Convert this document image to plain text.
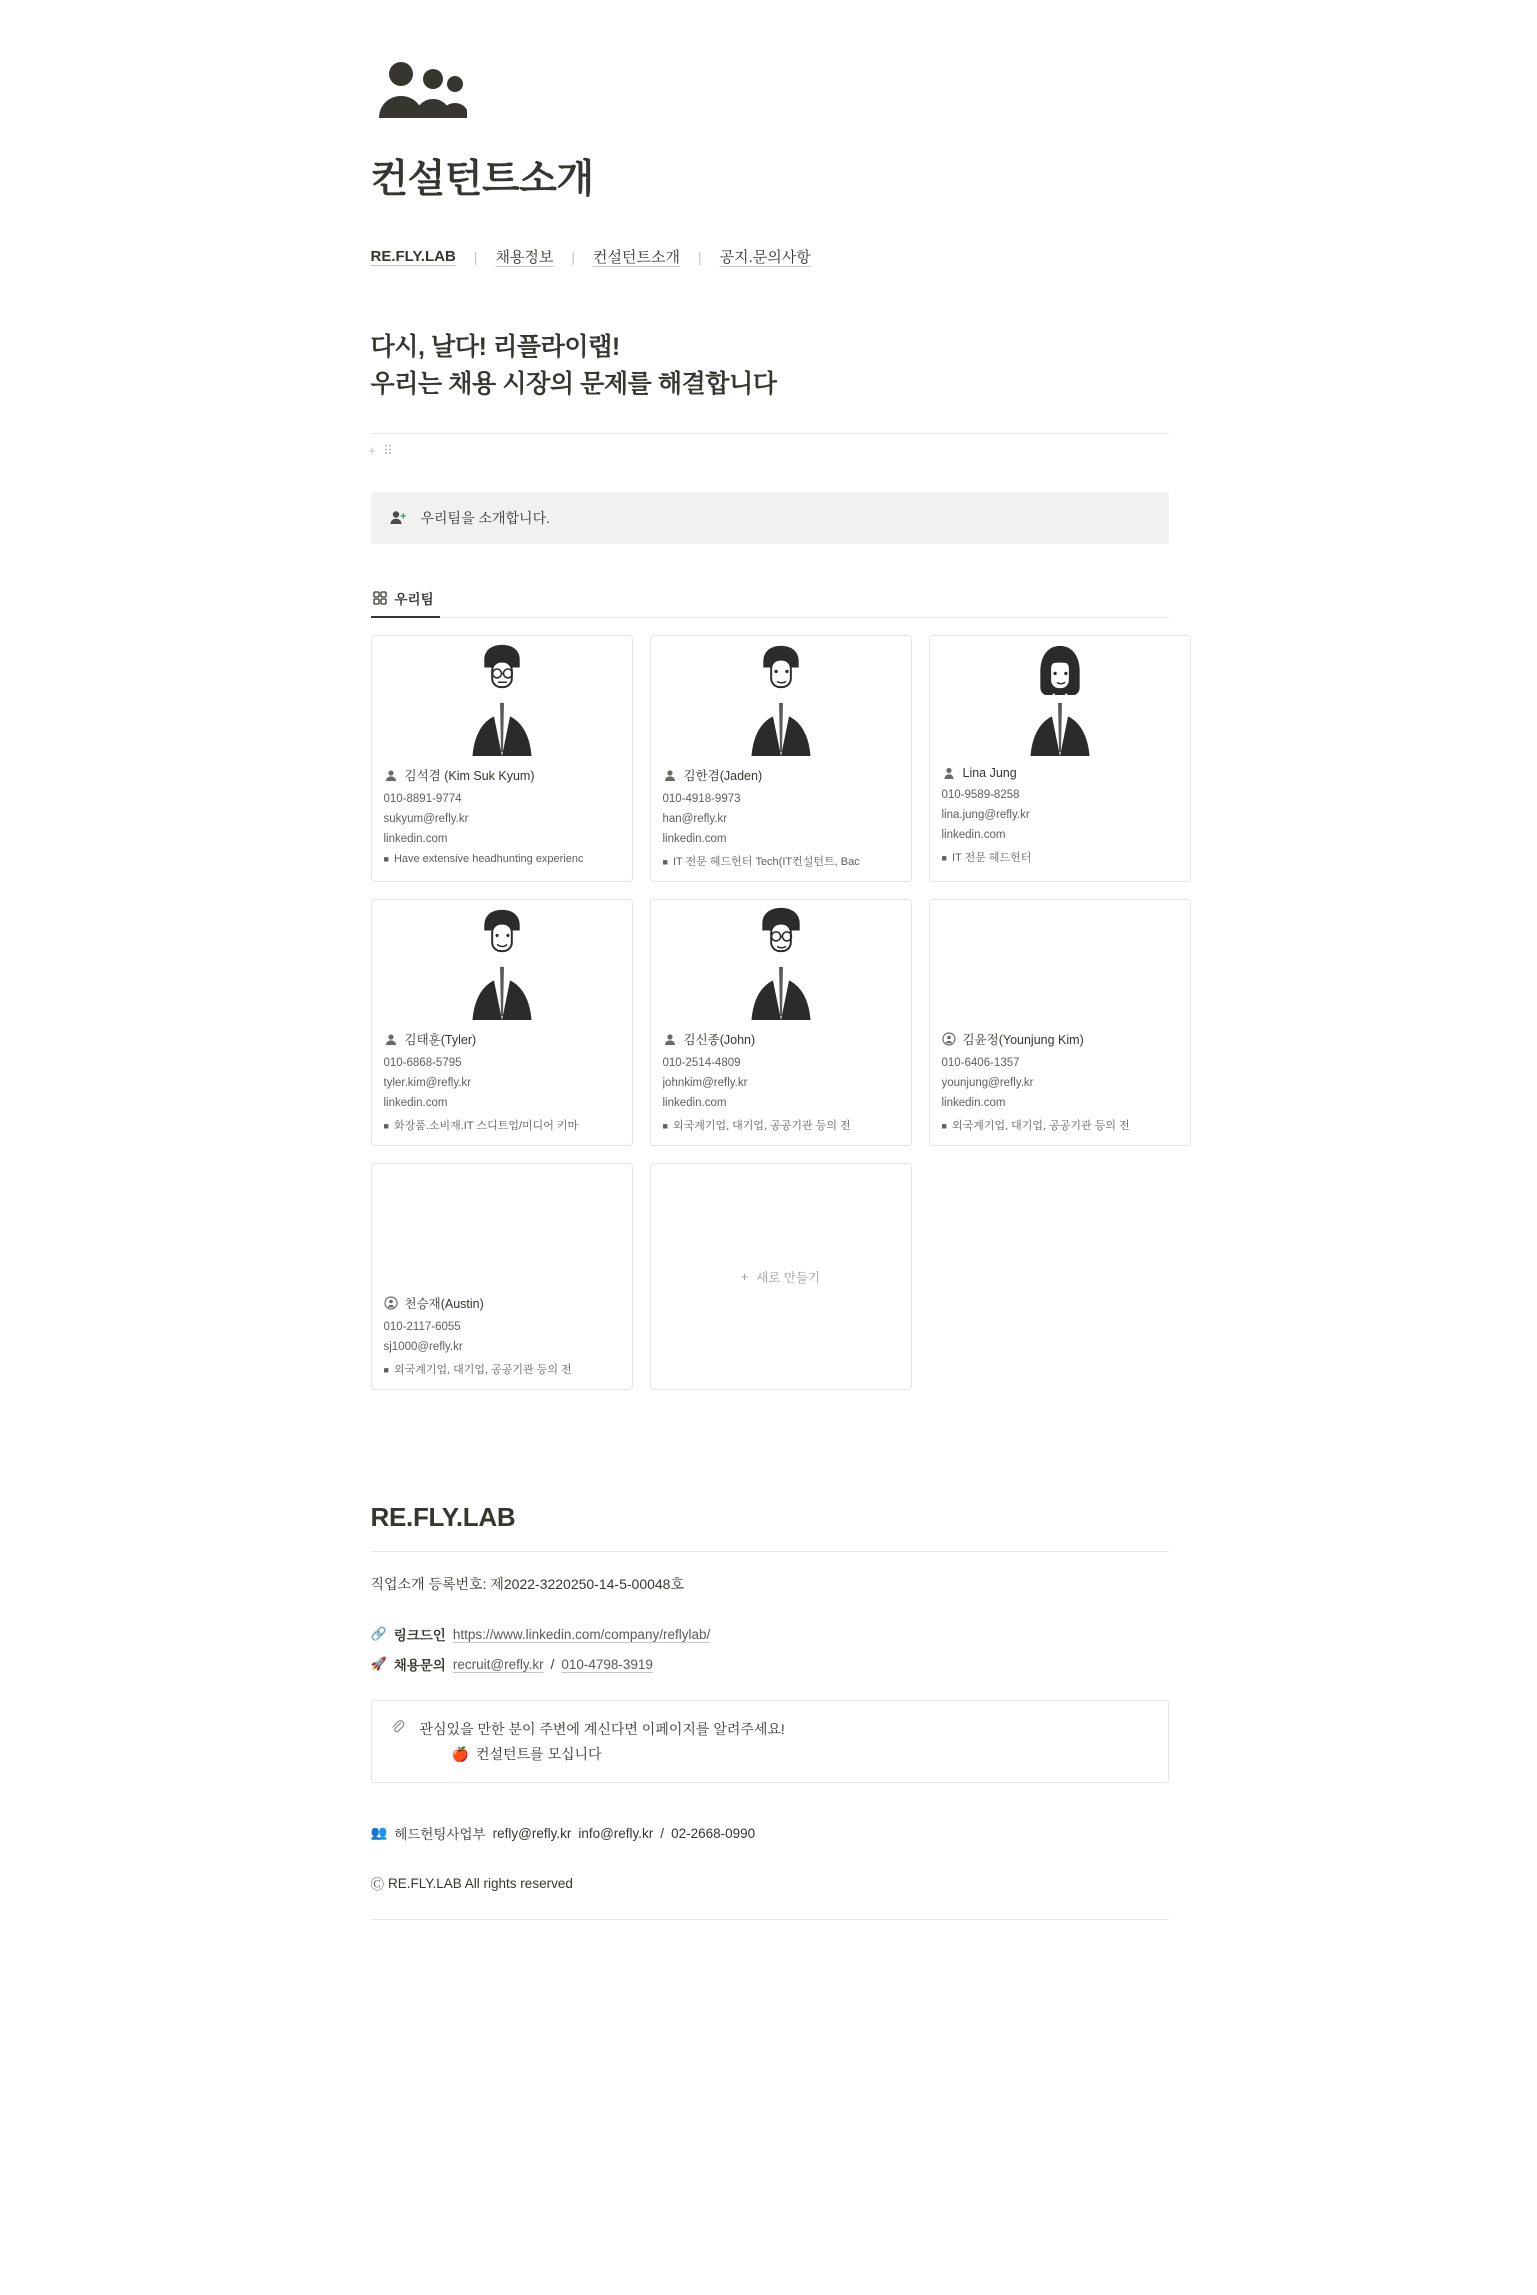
+ ⠿
컨설턴트소개
RE.FLY.LAB	|	채용정보	|	컨설턴트소개	|	공지.문의사항
다시, 날다! 리플라이랩!
우리는 채용 시장의 문제를 해결합니다
우리팀을 소개합니다.
우리팀
김석겸 (Kim Suk Kyum)
010-8891-9774
sukyum@refly.kr
linkedin.com
■ Have extensive headhunting experienc
김한겸(Jaden)
010-4918-9973
han@refly.kr
linkedin.com
■ IT 전문 헤드헌터 Tech(IT컨설턴트, Bac
Lina Jung
010-9589-8258
lina.jung@refly.kr
linkedin.com
■ IT 전문 헤드헌터
김태훈(Tyler)
010-6868-5795
tyler.kim@refly.kr
linkedin.com
■ 화장품.소비재.IT 스디트업/미디어 키마
김신종(John)
010-2514-4809
johnkim@refly.kr
linkedin.com
■ 외국계기업, 대기업, 공공기관 등의 전
김윤정(Younjung Kim)
010-6406-1357
younjung@refly.kr
linkedin.com
■ 외국계기업, 대기업, 공공기관 등의 전
천승재(Austin)
010-2117-6055
sj1000@refly.kr
■ 외국계기업, 대기업, 공공기관 등의 전
+ 새로 만들기
RE.FLY.LAB
직업소개 등록번호: 제2022-3220250-14-5-00048호
🔗 링크드인 https://www.linkedin.com/company/reflylab/
🚀 채용문의 recruit@refly.kr / 010-4798-3919
관심있을 만한 분이 주변에 계신다면 이페이지를 알려주세요!
🍎 컨설턴트를 모십니다
👥 헤드헌팅사업부 refly@refly.kr info@refly.kr / 02-2668-0990
Ⓒ RE.FLY.LAB All rights reserved
